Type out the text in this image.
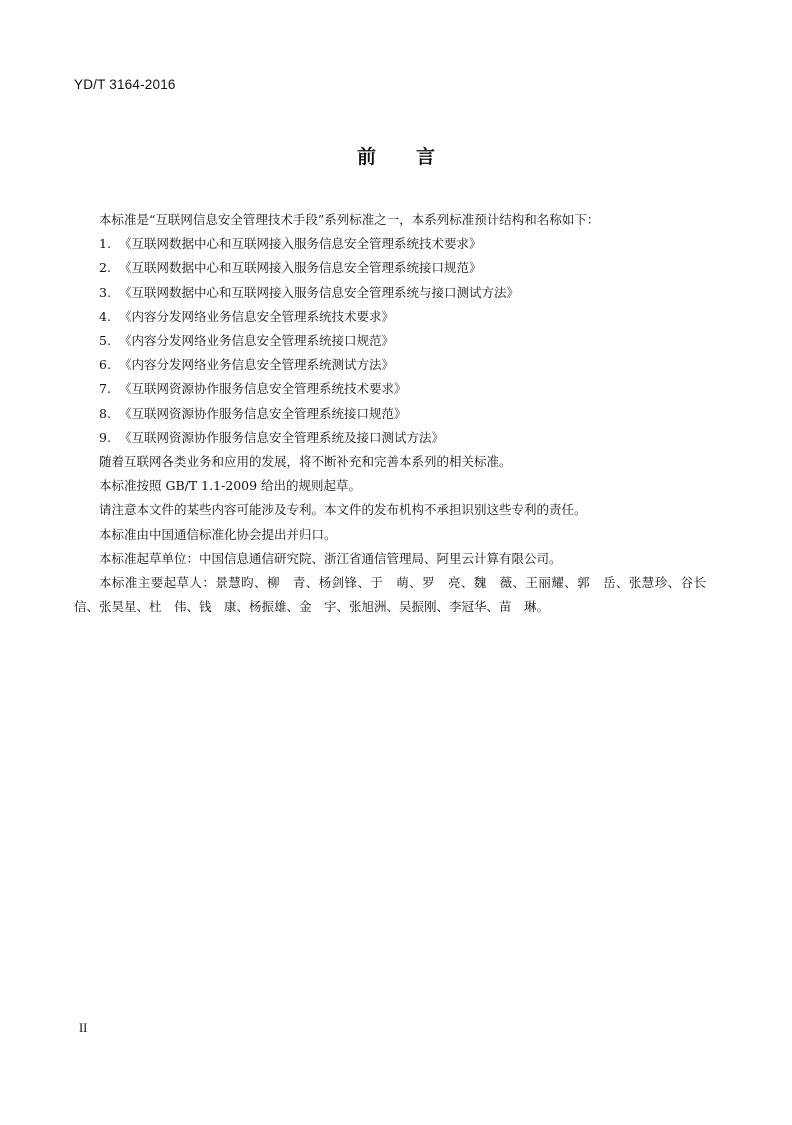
YD/T 3164-2016
前言
本标准是“互联网信息安全管理技术手段”系列标准之一，本系列标准预计结构和名称如下：
1. 《互联网数据中心和互联网接入服务信息安全管理系统技术要求》
2. 《互联网数据中心和互联网接入服务信息安全管理系统接口规范》
3. 《互联网数据中心和互联网接入服务信息安全管理系统与接口测试方法》
4. 《内容分发网络业务信息安全管理系统技术要求》
5. 《内容分发网络业务信息安全管理系统接口规范》
6. 《内容分发网络业务信息安全管理系统测试方法》
7. 《互联网资源协作服务信息安全管理系统技术要求》
8. 《互联网资源协作服务信息安全管理系统接口规范》
9. 《互联网资源协作服务信息安全管理系统及接口测试方法》
随着互联网各类业务和应用的发展，将不断补充和完善本系列的相关标准。
本标准按照 GB/T 1.1-2009 给出的规则起草。
请注意本文件的某些内容可能涉及专利。本文件的发布机构不承担识别这些专利的责任。
本标准由中国通信标准化协会提出并归口。
本标准起草单位：中国信息通信研究院、浙江省通信管理局、阿里云计算有限公司。
本标准主要起草人：景慧昀、柳　青、杨剑锋、于　萌、罗　亮、魏　薇、王丽耀、郭　岳、张慧珍、谷长信、张昊星、杜　伟、钱　康、杨振雄、金　宇、张旭洲、吴振刚、李冠华、苗　琳。
II
